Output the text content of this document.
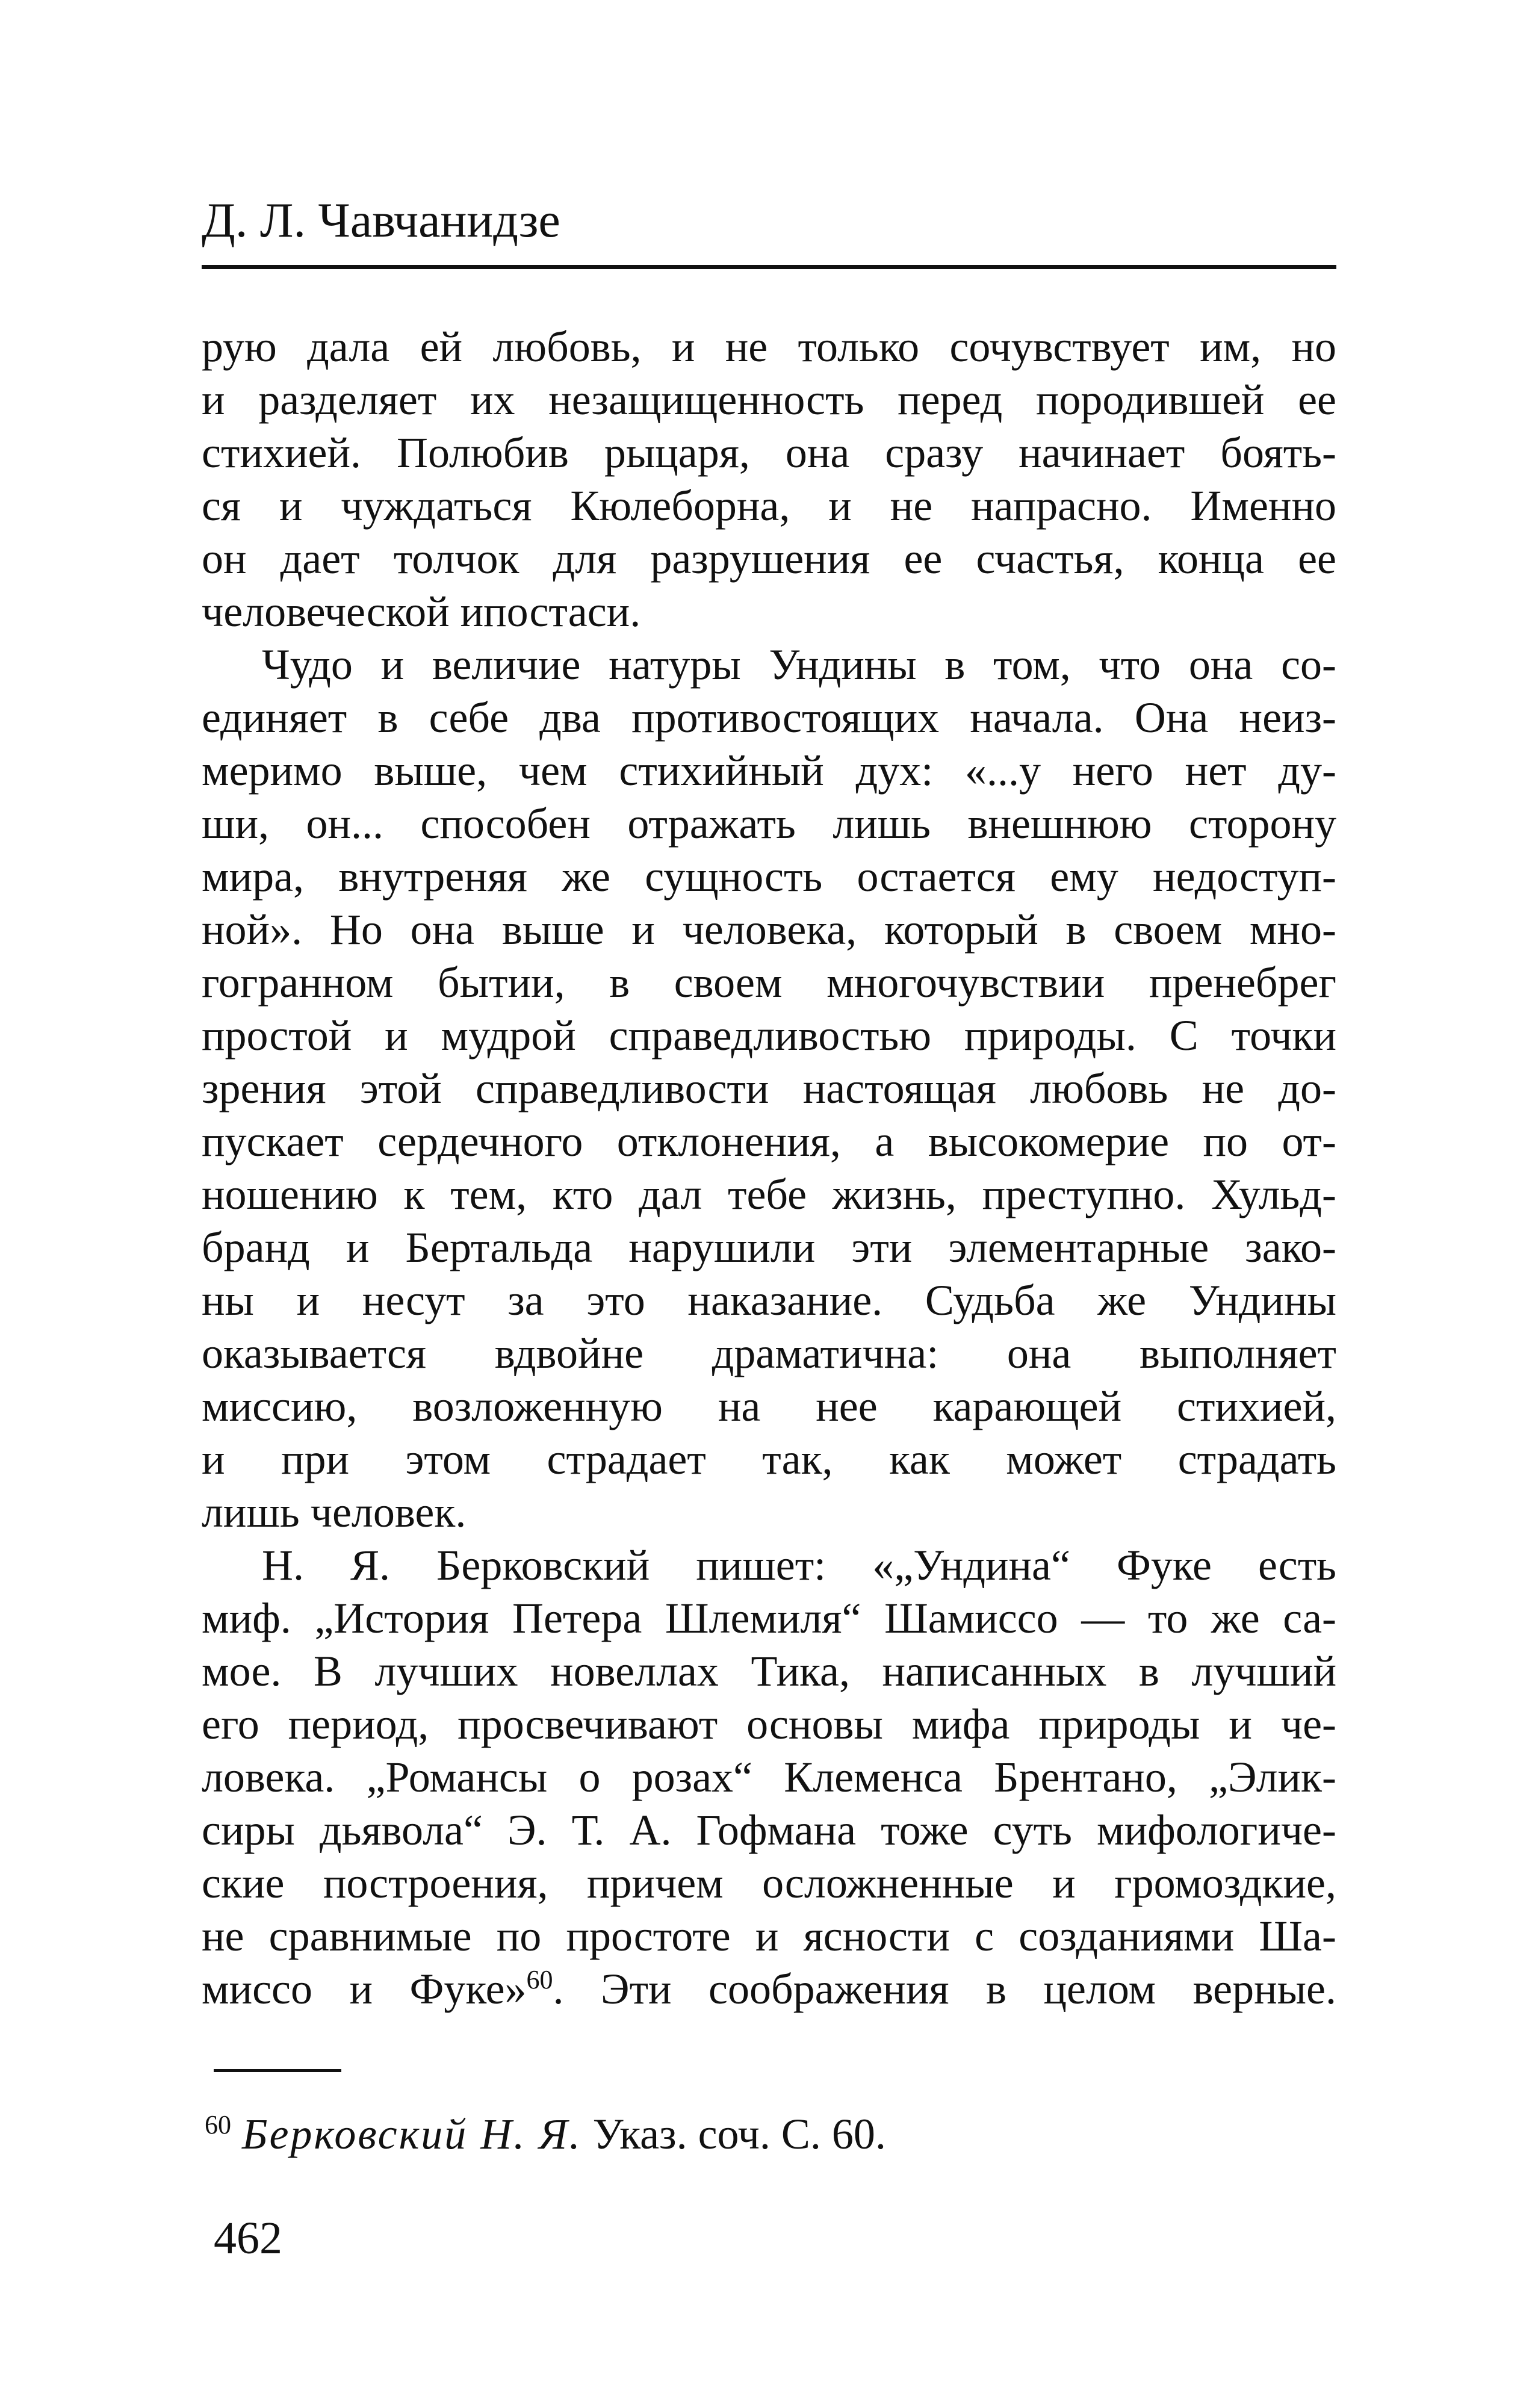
Д. Л. Чавчанидзе
рую дала ей любовь, и не только сочувствует им, но
и разделяет их незащищенность перед породившей ее
стихией. Полюбив рыцаря, она сразу начинает боять-
ся и чуждаться Кюлеборна, и не напрасно. Именно
он дает толчок для разрушения ее счастья, конца ее
человеческой ипостаси.
Чудо и величие натуры Ундины в том, что она со-
единяет в себе два противостоящих начала. Она неиз-
меримо выше, чем стихийный дух: «...у него нет ду-
ши, он... способен отражать лишь внешнюю сторону
мира, внутреняя же сущность остается ему недоступ-
ной». Но она выше и человека, который в своем мно-
гогранном бытии, в своем многочувствии пренебрег
простой и мудрой справедливостью природы. С точки
зрения этой справедливости настоящая любовь не до-
пускает сердечного отклонения, а высокомерие по от-
ношению к тем, кто дал тебе жизнь, преступно. Хульд-
бранд и Бертальда нарушили эти элементарные зако-
ны и несут за это наказание. Судьба же Ундины
оказывается вдвойне драматична: она выполняет
миссию, возложенную на нее карающей стихией,
и при этом страдает так, как может страдать
лишь человек.
Н. Я. Берковский пишет: «„Ундина“ Фуке есть
миф. „История Петера Шлемиля“ Шамиссо — то же са-
мое. В лучших новеллах Тика, написанных в лучший
его период, просвечивают основы мифа природы и че-
ловека. „Романсы о розах“ Клеменса Брентано, „Элик-
сиры дьявола“ Э. Т. А. Гофмана тоже суть мифологиче-
ские построения, причем осложненные и громоздкие,
не сравнимые по простоте и ясности с созданиями Ша-
миссо и Фуке»$^{60}$. Эти соображения в целом верные.
$^{60}$ Берковский Н. Я. Указ. соч. С. 60.
462
